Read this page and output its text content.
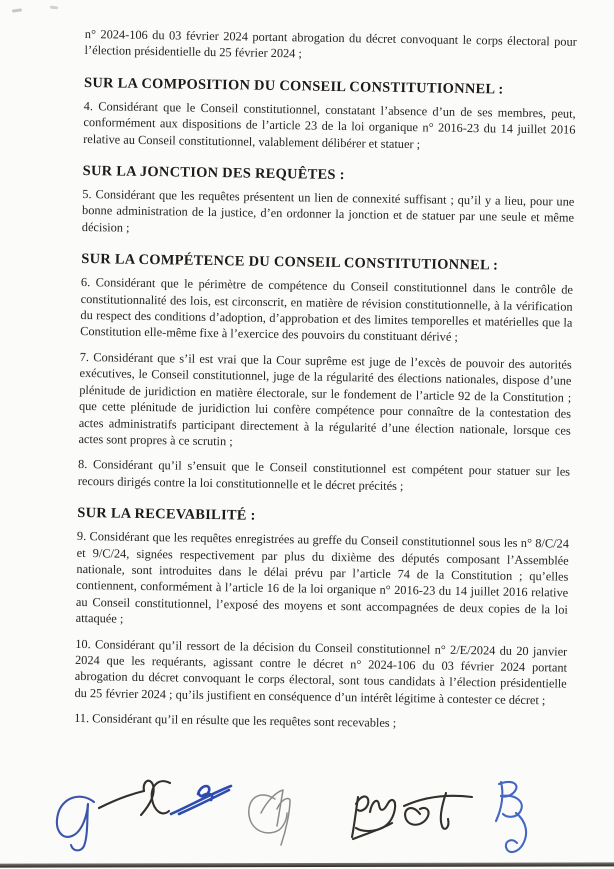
n° 2024-106 du 03 février 2024 portant abrogation du décret convoquant le corps électoral pour l’élection présidentielle du 25 février 2024 ;

SUR LA COMPOSITION DU CONSEIL CONSTITUTIONNEL :

4. Considérant que le Conseil constitutionnel, constatant l’absence d’un de ses membres, peut, conformément aux dispositions de l’article 23 de la loi organique n° 2016-23 du 14 juillet 2016 relative au Conseil constitutionnel, valablement délibérer et statuer ;

SUR LA JONCTION DES REQUÊTES :

5. Considérant que les requêtes présentent un lien de connexité suffisant ; qu’il y a lieu, pour une bonne administration de la justice, d’en ordonner la jonction et de statuer par une seule et même décision ;

SUR LA COMPÉTENCE DU CONSEIL CONSTITUTIONNEL :

6. Considérant que le périmètre de compétence du Conseil constitutionnel dans le contrôle de constitutionnalité des lois, est circonscrit, en matière de révision constitutionnelle, à la vérification du respect des conditions d’adoption, d’approbation et des limites temporelles et matérielles que la Constitution elle-même fixe à l’exercice des pouvoirs du constituant dérivé ;

7. Considérant que s’il est vrai que la Cour suprême est juge de l’excès de pouvoir des autorités exécutives, le Conseil constitutionnel, juge de la régularité des élections nationales, dispose d’une plénitude de juridiction en matière électorale, sur le fondement de l’article 92 de la Constitution ; que cette plénitude de juridiction lui confère compétence pour connaître de la contestation des actes administratifs participant directement à la régularité d’une élection nationale, lorsque ces actes sont propres à ce scrutin ;

8. Considérant qu’il s’ensuit que le Conseil constitutionnel est compétent pour statuer sur les recours dirigés contre la loi constitutionnelle et le décret précités ;

SUR LA RECEVABILITÉ :

9. Considérant que les requêtes enregistrées au greffe du Conseil constitutionnel sous les n° 8/C/24 et 9/C/24, signées respectivement par plus du dixième des députés composant l’Assemblée nationale, sont introduites dans le délai prévu par l’article 74 de la Constitution ; qu’elles contiennent, conformément à l’article 16 de la loi organique n° 2016-23 du 14 juillet 2016 relative au Conseil constitutionnel, l’exposé des moyens et sont accompagnées de deux copies de la loi attaquée ;

10. Considérant qu’il ressort de la décision du Conseil constitutionnel n° 2/E/2024 du 20 janvier 2024 que les requérants, agissant contre le décret n° 2024-106 du 03 février 2024 portant abrogation du décret convoquant le corps électoral, sont tous candidats à l’élection présidentielle du 25 février 2024 ; qu’ils justifient en conséquence d’un intérêt légitime à contester ce décret ;

11. Considérant qu’il en résulte que les requêtes sont recevables ;
